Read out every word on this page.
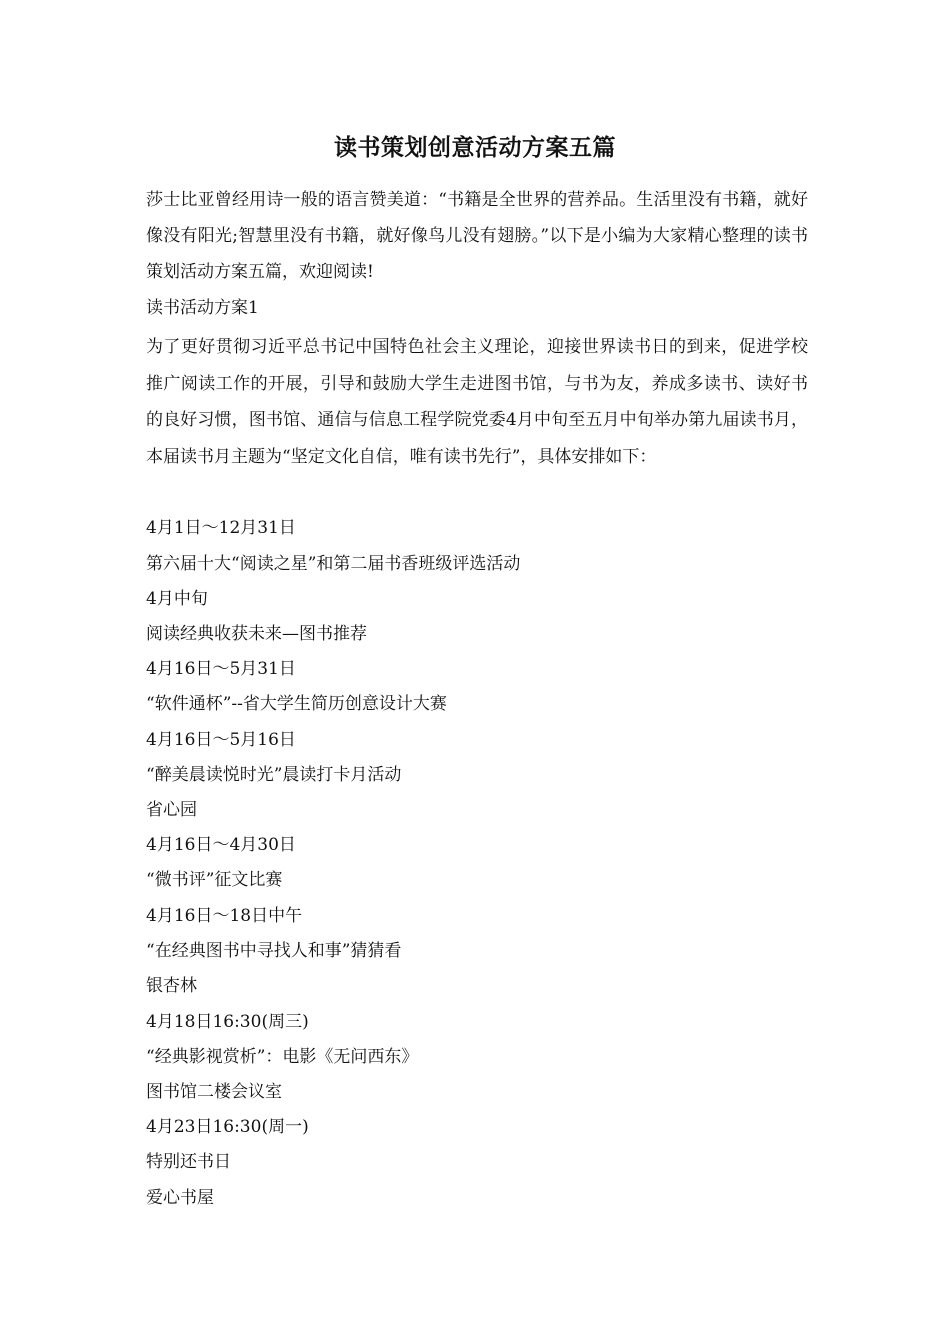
读书策划创意活动方案五篇

莎士比亚曾经用诗一般的语言赞美道：“书籍是全世界的营养品。生活里没有书籍，就好像没有阳光;智慧里没有书籍，就好像鸟儿没有翅膀。”以下是小编为大家精心整理的读书策划活动方案五篇，欢迎阅读!

读书活动方案1

为了更好贯彻习近平总书记中国特色社会主义理论，迎接世界读书日的到来，促进学校推广阅读工作的开展，引导和鼓励大学生走进图书馆，与书为友，养成多读书、读好书的良好习惯，图书馆、通信与信息工程学院党委4月中旬至五月中旬举办第九届读书月，本届读书月主题为“坚定文化自信，唯有读书先行”，具体安排如下：

4月1日～12月31日

第六届十大“阅读之星”和第二届书香班级评选活动

4月中旬

阅读经典收获未来—图书推荐

4月16日～5月31日

“软件通杯”--省大学生简历创意设计大赛

4月16日～5月16日

“醉美晨读悦时光”晨读打卡月活动

省心园

4月16日～4月30日

“微书评”征文比赛

4月16日～18日中午

“在经典图书中寻找人和事”猜猜看

银杏林

4月18日16:30(周三)

“经典影视赏析”：电影《无问西东》

图书馆二楼会议室

4月23日16:30(周一)

特别还书日

爱心书屋
